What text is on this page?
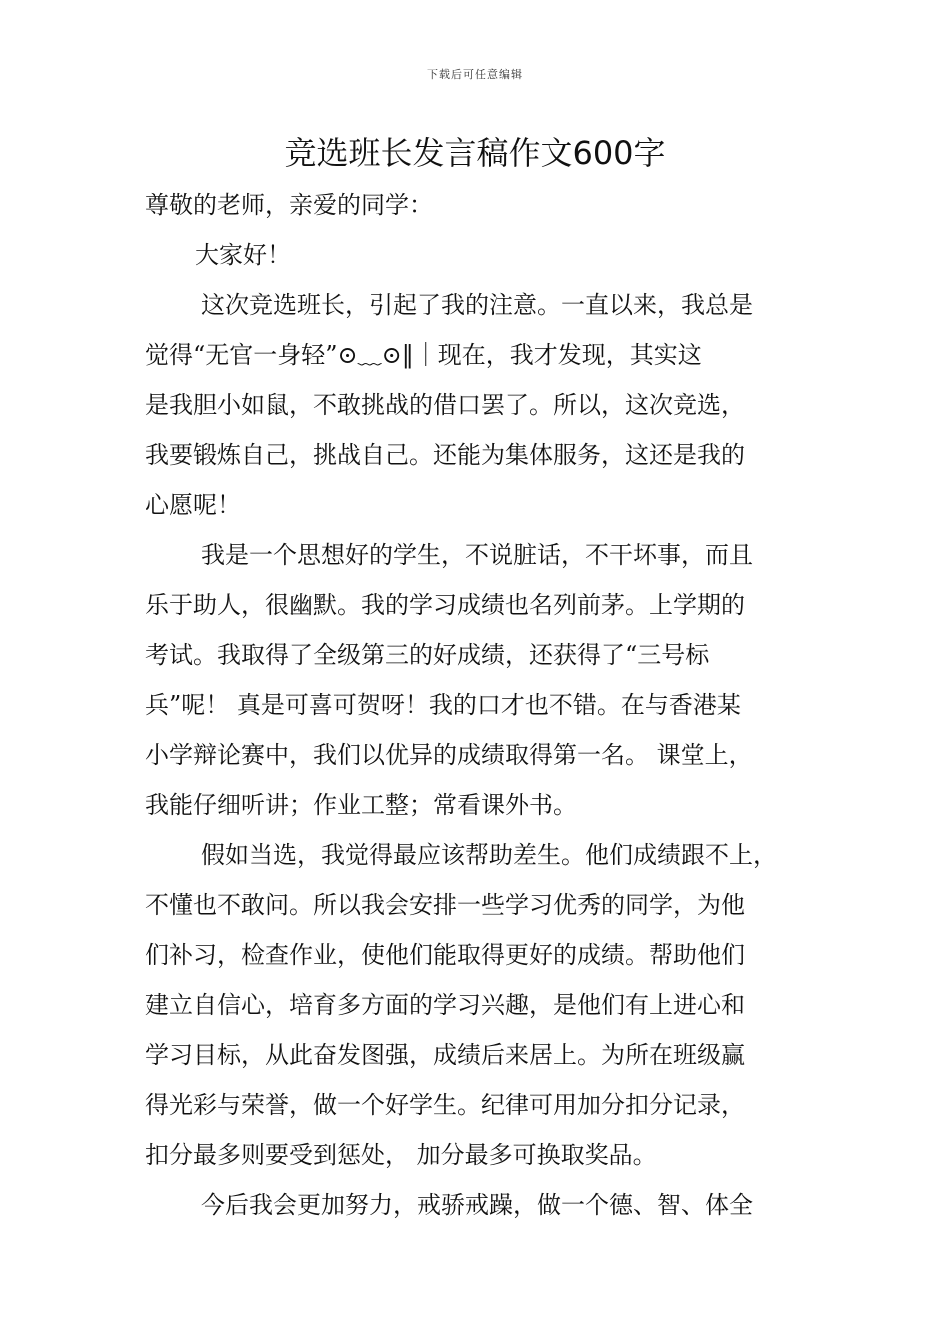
下载后可任意编辑
竞选班长发言稿作文600字
尊敬的老师，亲爱的同学：
大家好！
这次竞选班长，引起了我的注意。一直以来，我总是
觉得“无官一身轻”⊙﹏⊙‖｜现在，我才发现，其实这
是我胆小如鼠，不敢挑战的借口罢了。所以，这次竞选，
我要锻炼自己，挑战自己。还能为集体服务，这还是我的
心愿呢！
我是一个思想好的学生，不说脏话，不干坏事，而且
乐于助人，很幽默。我的学习成绩也名列前茅。上学期的
考试。我取得了全级第三的好成绩，还获得了“三号标
兵”呢！ 真是可喜可贺呀！我的口才也不错。在与香港某
小学辩论赛中，我们以优异的成绩取得第一名。 课堂上，
我能仔细听讲；作业工整；常看课外书。
假如当选，我觉得最应该帮助差生。他们成绩跟不上，
不懂也不敢问。所以我会安排一些学习优秀的同学，为他
们补习，检查作业，使他们能取得更好的成绩。帮助他们
建立自信心，培育多方面的学习兴趣，是他们有上进心和
学习目标，从此奋发图强，成绩后来居上。为所在班级赢
得光彩与荣誉，做一个好学生。纪律可用加分扣分记录，
扣分最多则要受到惩处， 加分最多可换取奖品。
今后我会更加努力，戒骄戒躁，做一个德、智、体全
